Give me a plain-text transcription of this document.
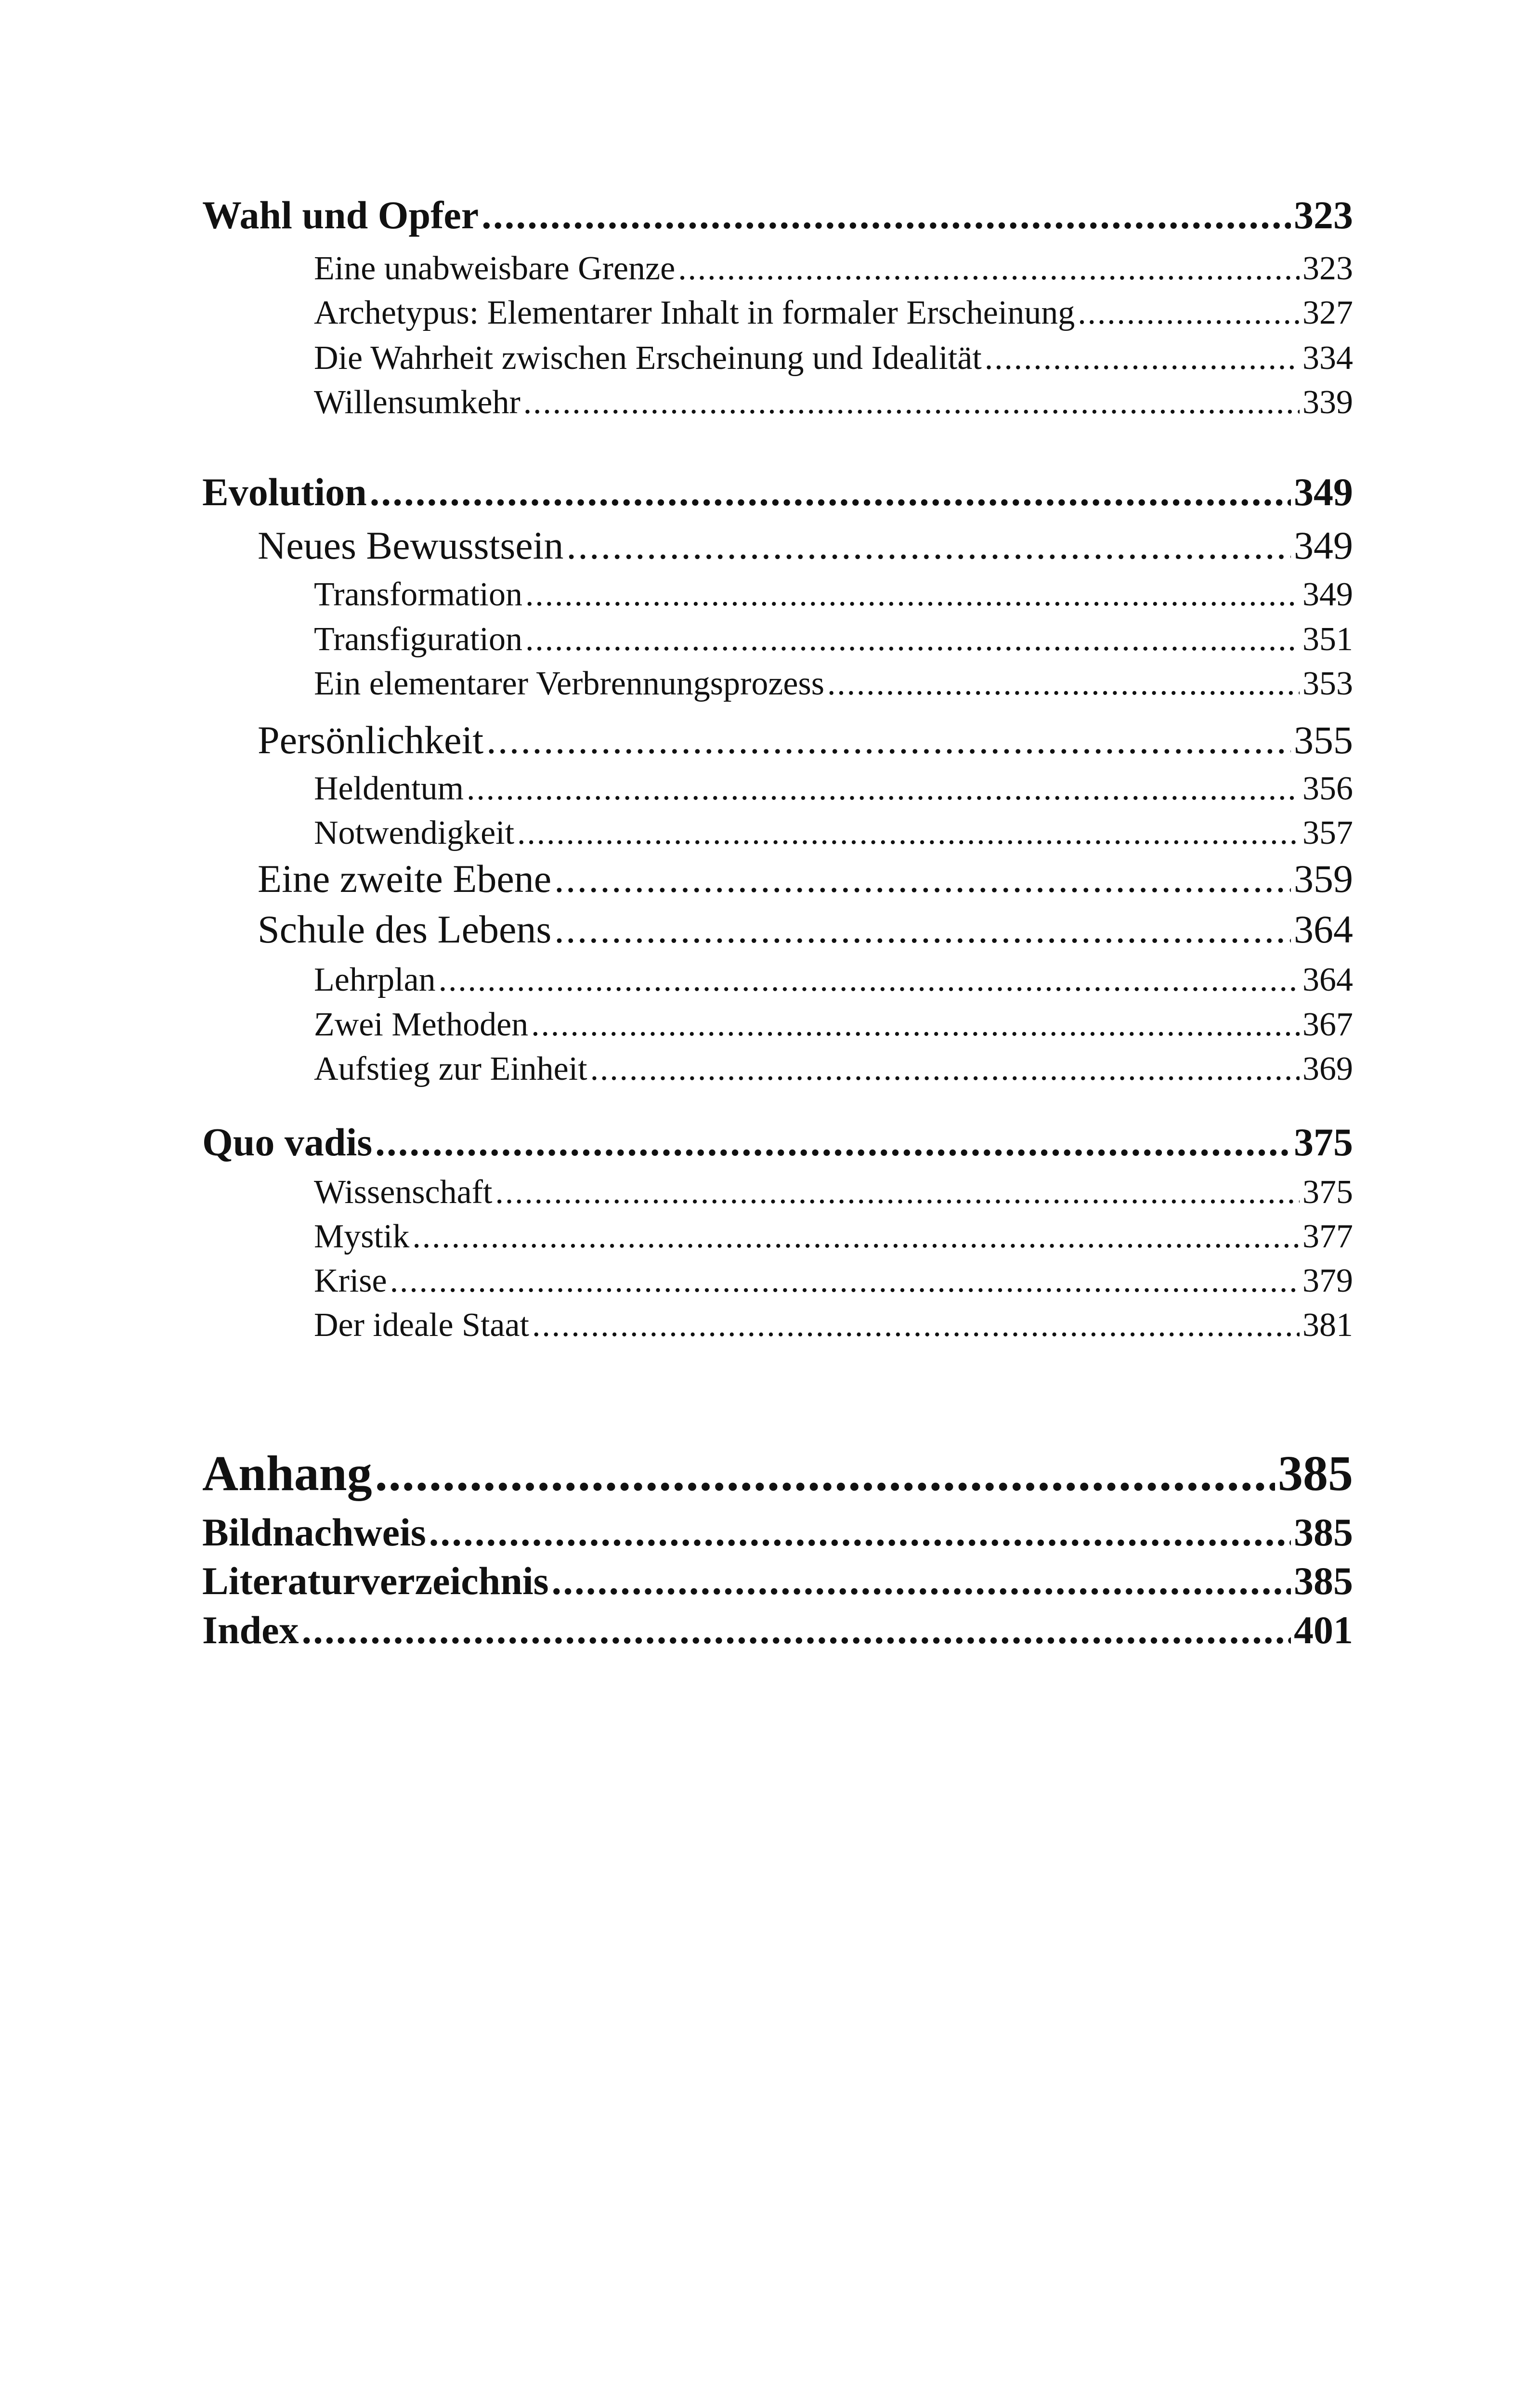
Wahl und Opfer .....	323
Eine unabweisbare Grenze .....	323
Archetypus: Elementarer Inhalt in formaler Erscheinung .....	327
Die Wahrheit zwischen Erscheinung und Idealität .....	334
Willensumkehr .....	339
Evolution .....	349
Neues Bewusstsein .....	349
Transformation .....	349
Transfiguration .....	351
Ein elementarer Verbrennungsprozess .....	353
Persönlichkeit .....	355
Heldentum .....	356
Notwendigkeit .....	357
Eine zweite Ebene .....	359
Schule des Lebens .....	364
Lehrplan .....	364
Zwei Methoden .....	367
Aufstieg zur Einheit .....	369
Quo vadis .....	375
Wissenschaft .....	375
Mystik .....	377
Krise .....	379
Der ideale Staat .....	381
Anhang .....	385
Bildnachweis .....	385
Literaturverzeichnis .....	385
Index .....	401
